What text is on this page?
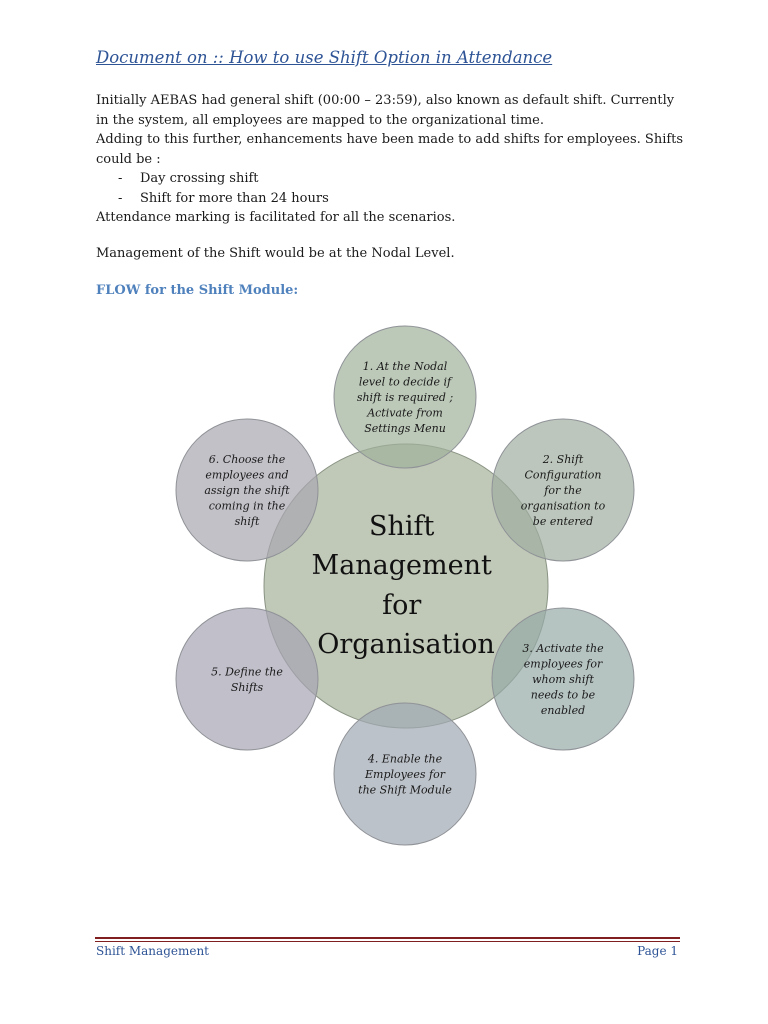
Document on :: How to use Shift Option in Attendance
Initially AEBAS had general shift (00:00 – 23:59), also known as default shift. Currently in the system, all employees are mapped to the organizational time.
Adding to this further, enhancements have been made to add shifts for employees. Shifts could be :
-	Day crossing shift
-	Shift for more than 24 hours
Attendance marking is facilitated for all the scenarios.
Management of the Shift would be at the Nodal Level.
FLOW for the Shift Module:
Shift Management for Organisation
1. At the Nodal level to decide if shift is required ; Activate from Settings Menu
2. Shift Configuration for the organisation to be entered
3. Activate the employees for whom shift needs to be enabled
4. Enable the Employees for the Shift Module
5. Define the Shifts
6. Choose the employees and assign the shift coming in the shift
Shift Management	Page 1
